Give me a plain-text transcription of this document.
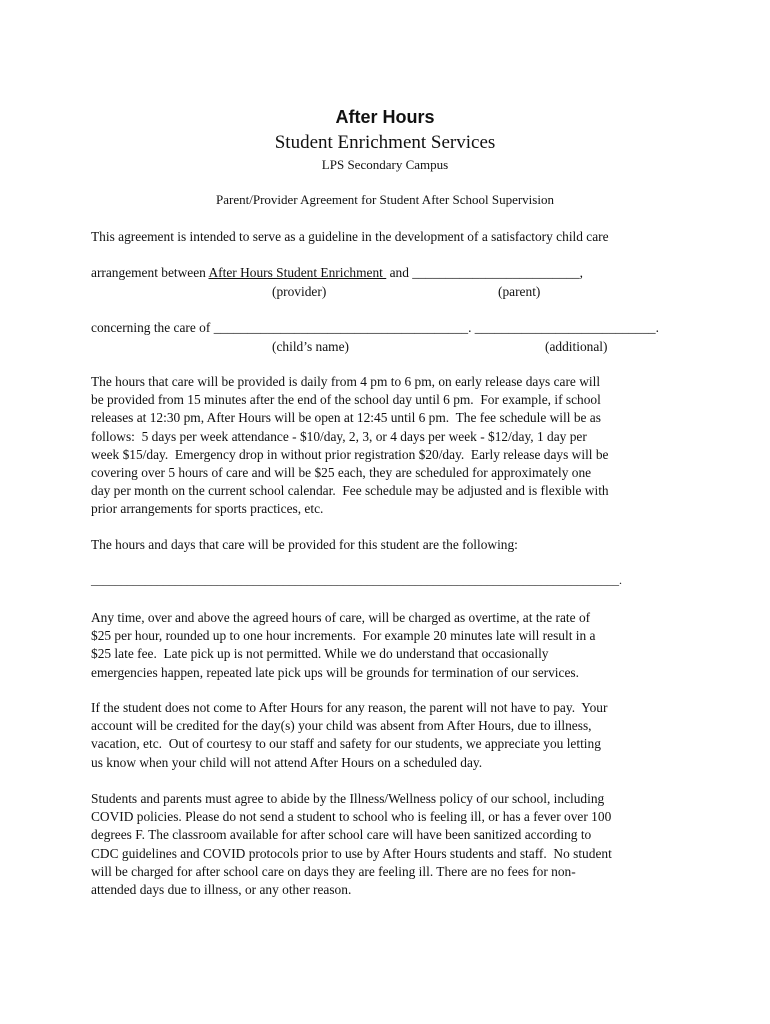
After Hours
Student Enrichment Services
LPS Secondary Campus
Parent/Provider Agreement for Student After School Supervision
This agreement is intended to serve as a guideline in the development of a satisfactory child care
arrangement between After Hours Student Enrichment  and _________________________,
(provider)	(parent)
concerning the care of ______________________________________. ___________________________.
(child’s name)	(additional)
The hours that care will be provided is daily from 4 pm to 6 pm, on early release days care will
be provided from 15 minutes after the end of the school day until 6 pm.  For example, if school
releases at 12:30 pm, After Hours will be open at 12:45 until 6 pm.  The fee schedule will be as
follows:  5 days per week attendance - $10/day, 2, 3, or 4 days per week - $12/day, 1 day per
week $15/day.  Emergency drop in without prior registration $20/day.  Early release days will be
covering over 5 hours of care and will be $25 each, they are scheduled for approximately one
day per month on the current school calendar.  Fee schedule may be adjusted and is flexible with
prior arrangements for sports practices, etc.
The hours and days that care will be provided for this student are the following:
________________________________________________________________________________________.
Any time, over and above the agreed hours of care, will be charged as overtime, at the rate of
$25 per hour, rounded up to one hour increments.  For example 20 minutes late will result in a
$25 late fee.  Late pick up is not permitted. While we do understand that occasionally
emergencies happen, repeated late pick ups will be grounds for termination of our services.
If the student does not come to After Hours for any reason, the parent will not have to pay.  Your
account will be credited for the day(s) your child was absent from After Hours, due to illness,
vacation, etc.  Out of courtesy to our staff and safety for our students, we appreciate you letting
us know when your child will not attend After Hours on a scheduled day.
Students and parents must agree to abide by the Illness/Wellness policy of our school, including
COVID policies. Please do not send a student to school who is feeling ill, or has a fever over 100
degrees F. The classroom available for after school care will have been sanitized according to
CDC guidelines and COVID protocols prior to use by After Hours students and staff.  No student
will be charged for after school care on days they are feeling ill. There are no fees for non-
attended days due to illness, or any other reason.
